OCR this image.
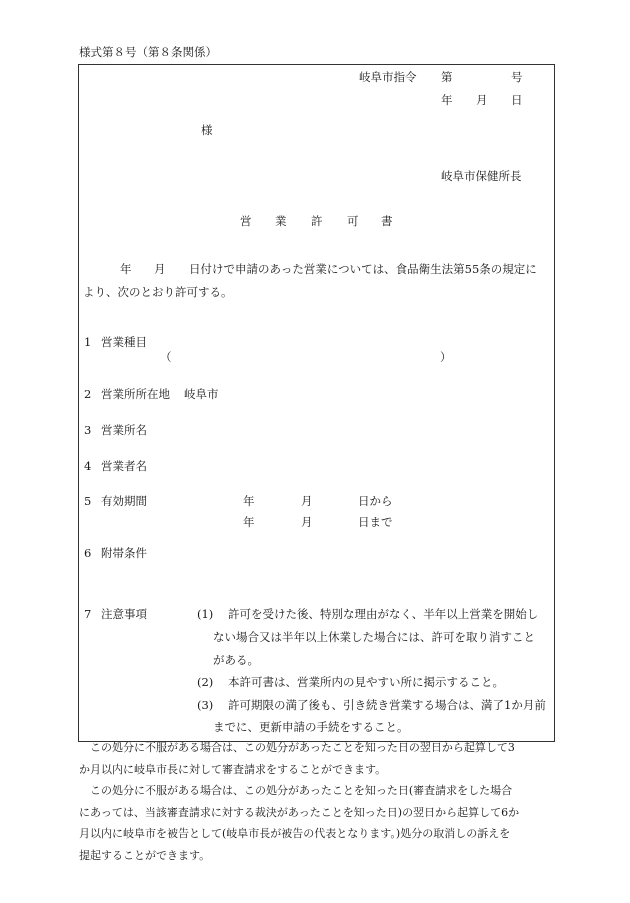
様式第８号（第８条関係）
岐阜市指令 第	号
年 月 日
様
岐阜市保健所長
営 業 許 可 書
年 月 日付けで申請のあった営業については、食品衛生法第55条の規定に
より、次のとおり許可する。
1 営業種目
（	）
2 営業所所在地 岐阜市
3 営業所名
4 営業者名
5 有効期間	年	月	日から
年	月	日まで
6 附帯条件
7 注意事項	(1) 許可を受けた後、特別な理由がなく、半年以上営業を開始し
ない場合又は半年以上休業した場合には、許可を取り消すこと
がある。
(2) 本許可書は、営業所内の見やすい所に掲示すること。
(3) 許可期限の満了後も、引き続き営業する場合は、満了1か月前
までに、更新申請の手続をすること。

この処分に不服がある場合は、この処分があったことを知った日の翌日から起算して3

か月以内に岐阜市長に対して審査請求をすることができます。

この処分に不服がある場合は、この処分があったことを知った日(審査請求をした場合

にあっては、当該審査請求に対する裁決があったことを知った日)の翌日から起算して6か
月以内に岐阜市を被告として(岐阜市長が被告の代表となります。)処分の取消しの訴えを
提起することができます。
